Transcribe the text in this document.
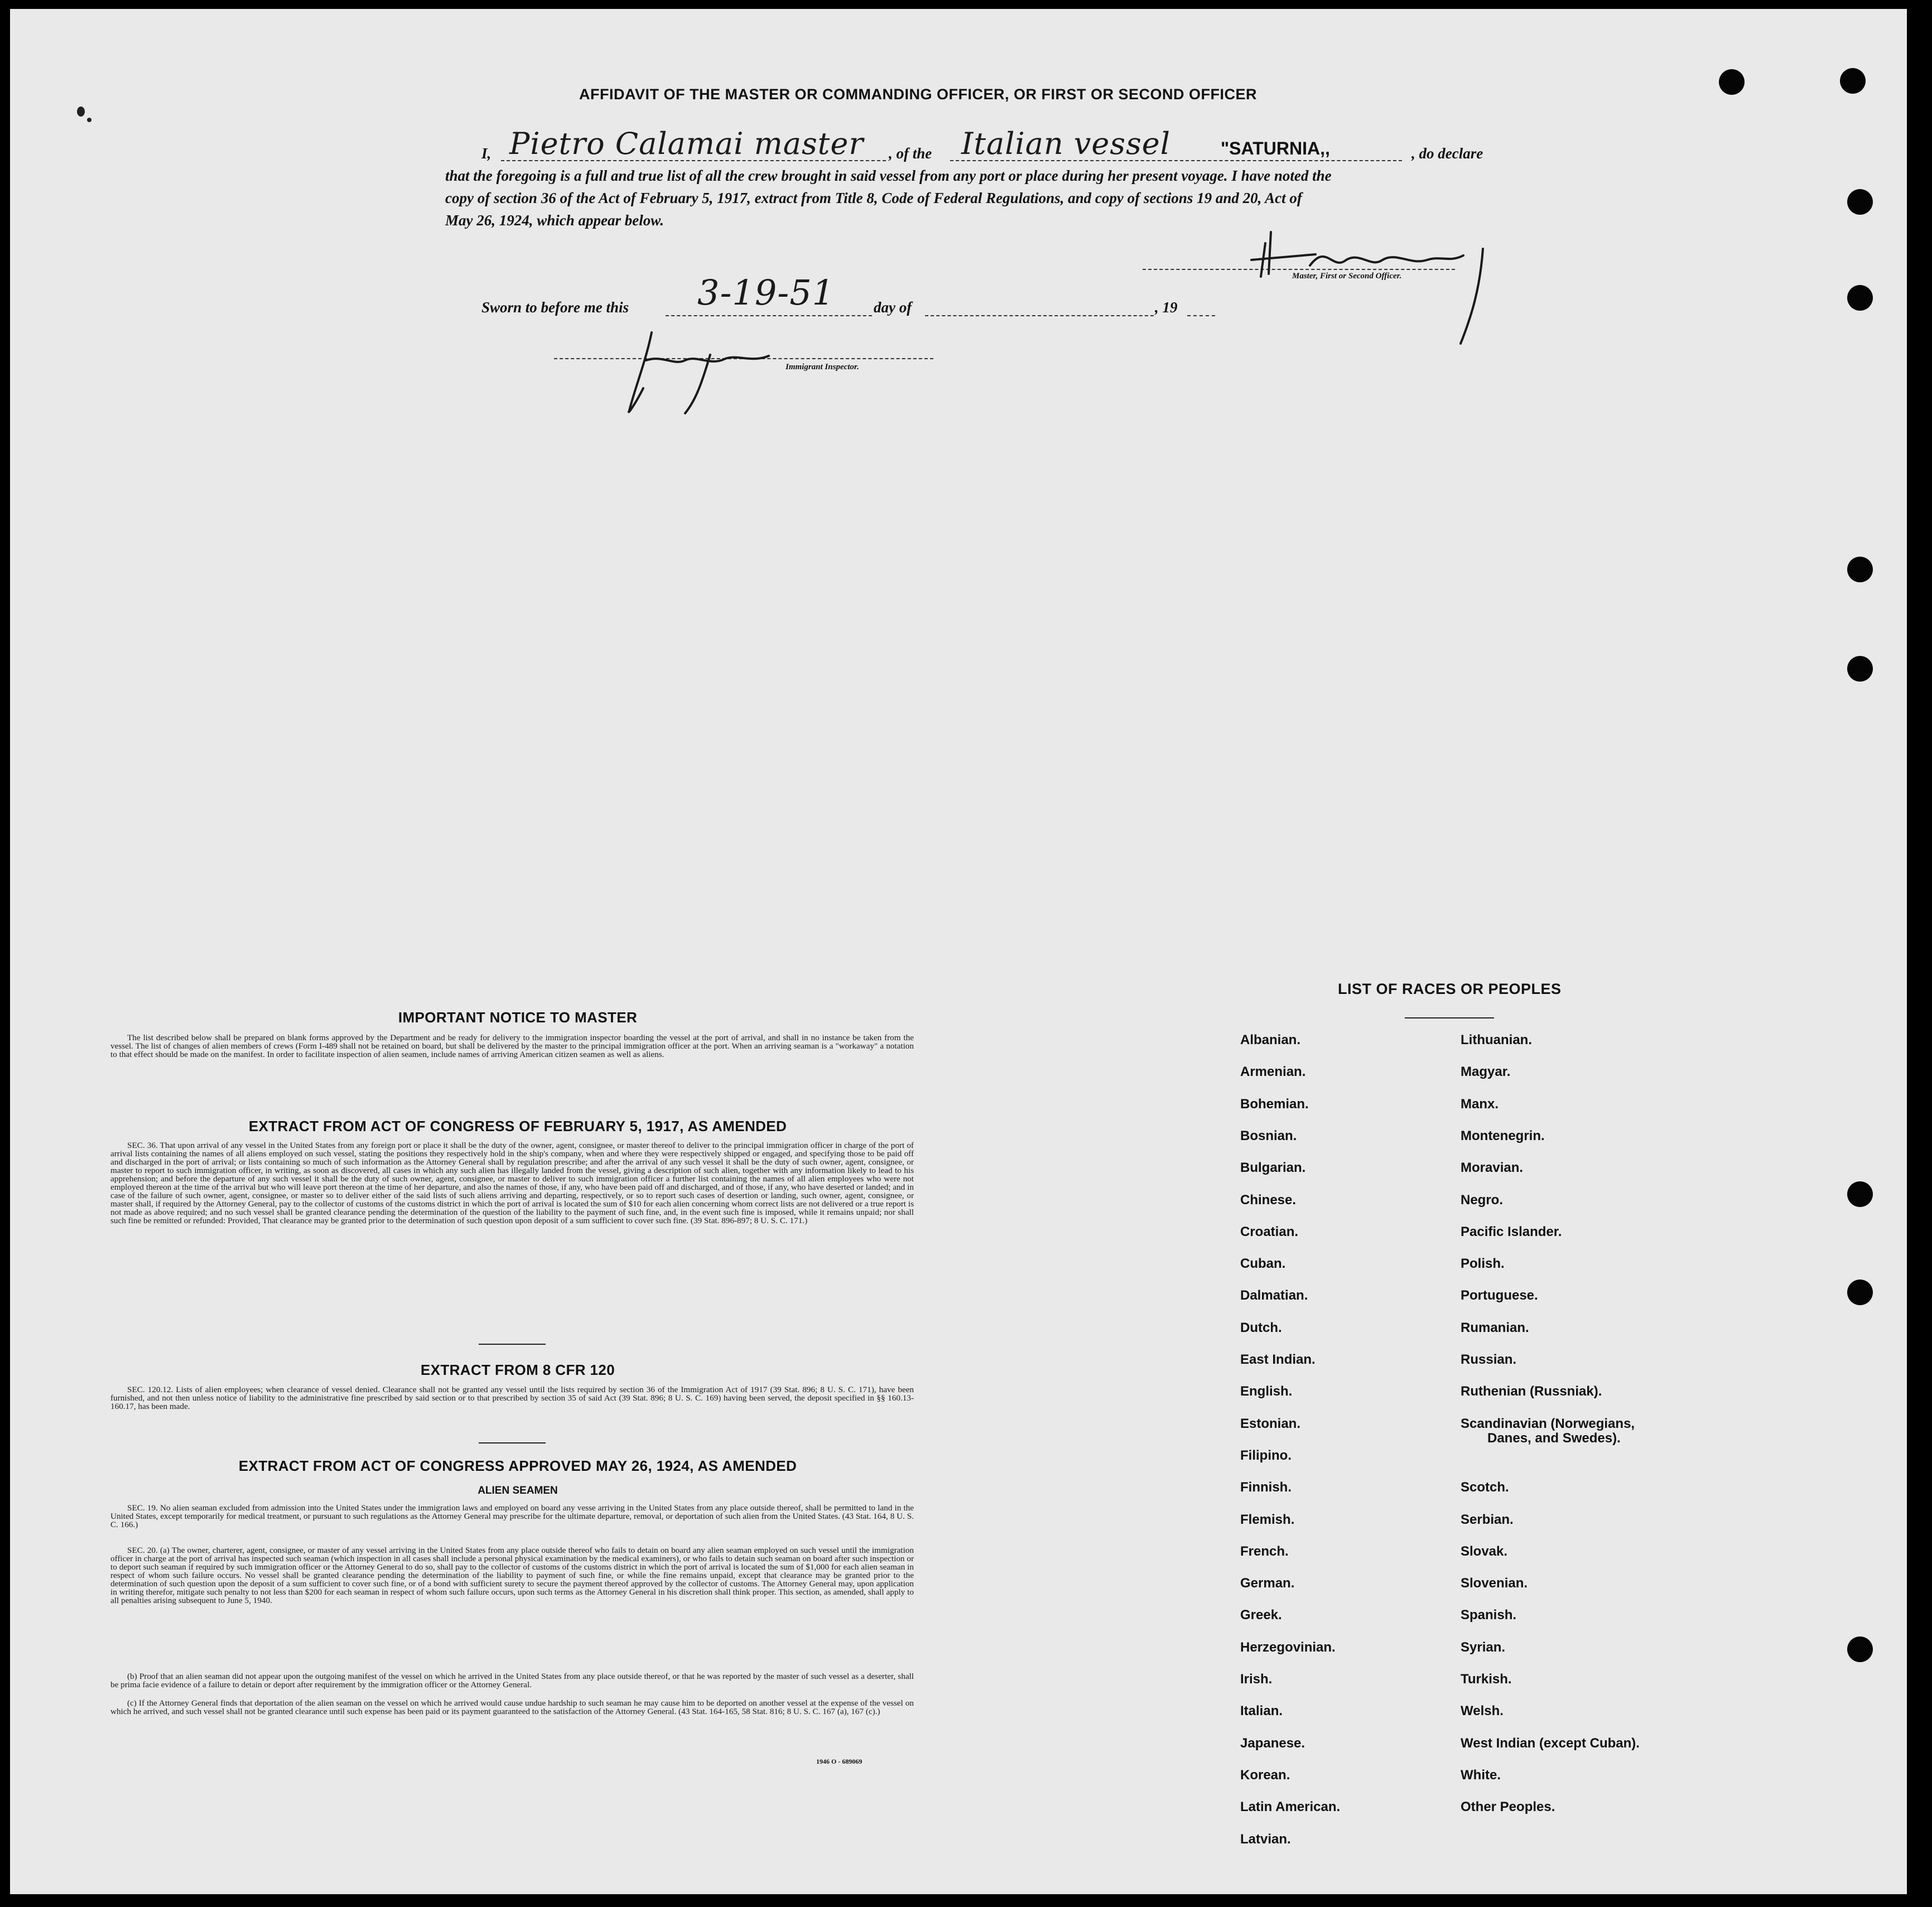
AFFIDAVIT OF THE MASTER OR COMMANDING OFFICER, OR FIRST OR SECOND OFFICER
I, Pietro Calamai master , of the Italian vessel	"SATURNIA,,	, do declare
that the foregoing is a full and true list of all the crew brought in said vessel from any port or place during her present voyage. I have noted the
copy of section 36 of the Act of February 5, 1917, extract from Title 8, Code of Federal Regulations, and copy of sections 19 and 20, Act of
May 26, 1924, which appear below.
Master, First or Second Officer.
Sworn to before me this 3-19-51	day of	, 19
Immigrant Inspector.
IMPORTANT NOTICE TO MASTER
The list described below shall be prepared on blank forms approved by the Department and be ready for delivery to the immigration inspector boarding the vessel at the port of arrival, and shall in no instance be taken from the vessel. The list of changes of alien members of crews (Form I-489 shall not be retained on board, but shall be delivered by the master to the principal immigration officer at the port. When an arriving seaman is a "workaway" a notation to that effect should be made on the manifest. In order to facilitate inspection of alien seamen, include names of arriving American citizen seamen as well as aliens.
EXTRACT FROM ACT OF CONGRESS OF FEBRUARY 5, 1917, AS AMENDED
SEC. 36. That upon arrival of any vessel in the United States from any foreign port or place it shall be the duty of the owner, agent, consignee, or master thereof to deliver to the principal immigration officer in charge of the port of arrival lists containing the names of all aliens employed on such vessel, stating the positions they respectively hold in the ship's company, when and where they were respectively shipped or engaged, and specifying those to be paid off and discharged in the port of arrival; or lists containing so much of such information as the Attorney General shall by regulation prescribe; and after the arrival of any such vessel it shall be the duty of such owner, agent, consignee, or master to report to such immigration officer, in writing, as soon as discovered, all cases in which any such alien has illegally landed from the vessel, giving a description of such alien, together with any information likely to lead to his apprehension; and before the departure of any such vessel it shall be the duty of such owner, agent, consignee, or master to deliver to such immigration officer a further list containing the names of all alien employees who were not employed thereon at the time of the arrival but who will leave port thereon at the time of her departure, and also the names of those, if any, who have been paid off and discharged, and of those, if any, who have deserted or landed; and in case of the failure of such owner, agent, consignee, or master so to deliver either of the said lists of such aliens arriving and departing, respectively, or so to report such cases of desertion or landing, such owner, agent, consignee, or master shall, if required by the Attorney General, pay to the collector of customs of the customs district in which the port of arrival is located the sum of $10 for each alien concerning whom correct lists are not delivered or a true report is not made as above required; and no such vessel shall be granted clearance pending the determination of the question of the liability to the payment of such fine, and, in the event such fine is imposed, while it remains unpaid; nor shall such fine be remitted or refunded: Provided, That clearance may be granted prior to the determination of such question upon deposit of a sum sufficient to cover such fine. (39 Stat. 896-897; 8 U. S. C. 171.)
EXTRACT FROM 8 CFR 120
SEC. 120.12. Lists of alien employees; when clearance of vessel denied. Clearance shall not be granted any vessel until the lists required by section 36 of the Immigration Act of 1917 (39 Stat. 896; 8 U. S. C. 171), have been furnished, and not then unless notice of liability to the administrative fine prescribed by said section or to that prescribed by section 35 of said Act (39 Stat. 896; 8 U. S. C. 169) having been served, the deposit specified in §§ 160.13-160.17, has been made.
EXTRACT FROM ACT OF CONGRESS APPROVED MAY 26, 1924, AS AMENDED
ALIEN SEAMEN
SEC. 19. No alien seaman excluded from admission into the United States under the immigration laws and employed on board any vesse arriving in the United States from any place outside thereof, shall be permitted to land in the United States, except temporarily for medical treatment, or pursuant to such regulations as the Attorney General may prescribe for the ultimate departure, removal, or deportation of such alien from the United States. (43 Stat. 164, 8 U. S. C. 166.)
SEC. 20. (a) The owner, charterer, agent, consignee, or master of any vessel arriving in the United States from any place outside thereof who fails to detain on board any alien seaman employed on such vessel until the immigration officer in charge at the port of arrival has inspected such seaman (which inspection in all cases shall include a personal physical examination by the medical examiners), or who fails to detain such seaman on board after such inspection or to deport such seaman if required by such immigration officer or the Attorney General to do so, shall pay to the collector of customs of the customs district in which the port of arrival is located the sum of $1,000 for each alien seaman in respect of whom such failure occurs. No vessel shall be granted clearance pending the determination of the liability to payment of such fine, or while the fine remains unpaid, except that clearance may be granted prior to the determination of such question upon the deposit of a sum sufficient to cover such fine, or of a bond with sufficient surety to secure the payment thereof approved by the collector of customs. The Attorney General may, upon application in writing therefor, mitigate such penalty to not less than $200 for each seaman in respect of whom such failure occurs, upon such terms as the Attorney General in his discretion shall think proper. This section, as amended, shall apply to all penalties arising subsequent to June 5, 1940.
(b) Proof that an alien seaman did not appear upon the outgoing manifest of the vessel on which he arrived in the United States from any place outside thereof, or that he was reported by the master of such vessel as a deserter, shall be prima facie evidence of a failure to detain or deport after requirement by the immigration officer or the Attorney General.
(c) If the Attorney General finds that deportation of the alien seaman on the vessel on which he arrived would cause undue hardship to such seaman he may cause him to be deported on another vessel at the expense of the vessel on which he arrived, and such vessel shall not be granted clearance until such expense has been paid or its payment guaranteed to the satisfaction of the Attorney General. (43 Stat. 164-165, 58 Stat. 816; 8 U. S. C. 167 (a), 167 (c).)
1946 O - 689069
LIST OF RACES OR PEOPLES
Albanian.
Armenian.
Bohemian.
Bosnian.
Bulgarian.
Chinese.
Croatian.
Cuban.
Dalmatian.
Dutch.
East Indian.
English.
Estonian.
Filipino.
Finnish.
Flemish.
French.
German.
Greek.
Herzegovinian.
Irish.
Italian.
Japanese.
Korean.
Latin American.
Latvian.
Lithuanian.
Magyar.
Manx.
Montenegrin.
Moravian.
Negro.
Pacific Islander.
Polish.
Portuguese.
Rumanian.
Russian.
Ruthenian (Russniak).
Scandinavian (Norwegians,
Danes, and Swedes).
Scotch.
Serbian.
Slovak.
Slovenian.
Spanish.
Syrian.
Turkish.
Welsh.
West Indian (except Cuban).
White.
Other Peoples.
